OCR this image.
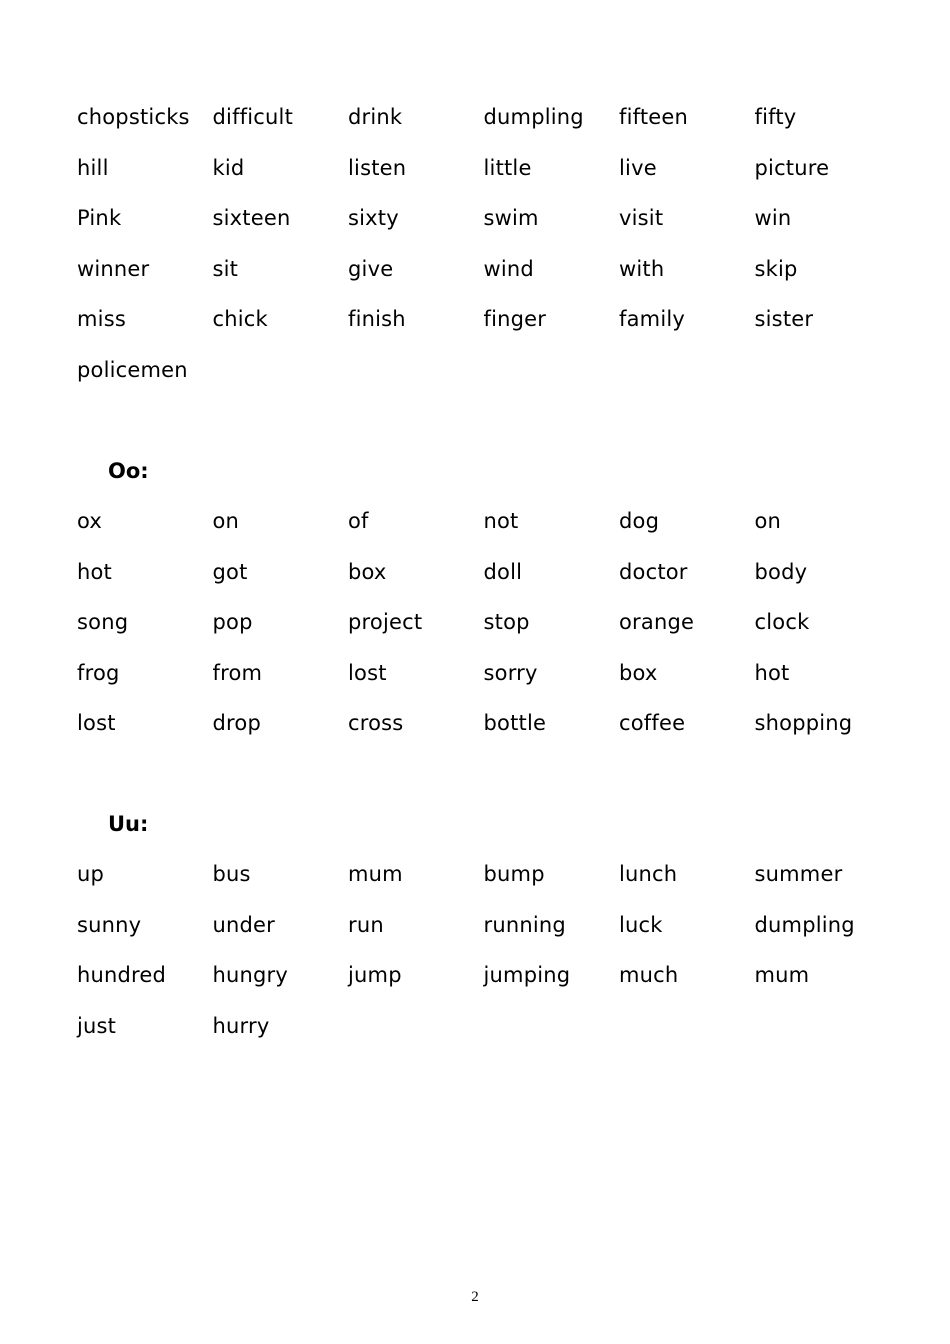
chopsticks	difficult	drink	dumpling	fifteen	fifty
hill	kid	listen	little	live	picture
Pink	sixteen	sixty	swim	visit	win
winner	sit	give	wind	with	skip
miss	chick	finish	finger	family	sister
policemen
Oo:
ox	on	of	not	dog	on
hot	got	box	doll	doctor	body
song	pop	project	stop	orange	clock
frog	from	lost	sorry	box	hot
lost	drop	cross	bottle	coffee	shopping
Uu:
up	bus	mum	bump	lunch	summer
sunny	under	run	running	luck	dumpling
hundred	hungry	jump	jumping	much	mum
just	hurry
2
